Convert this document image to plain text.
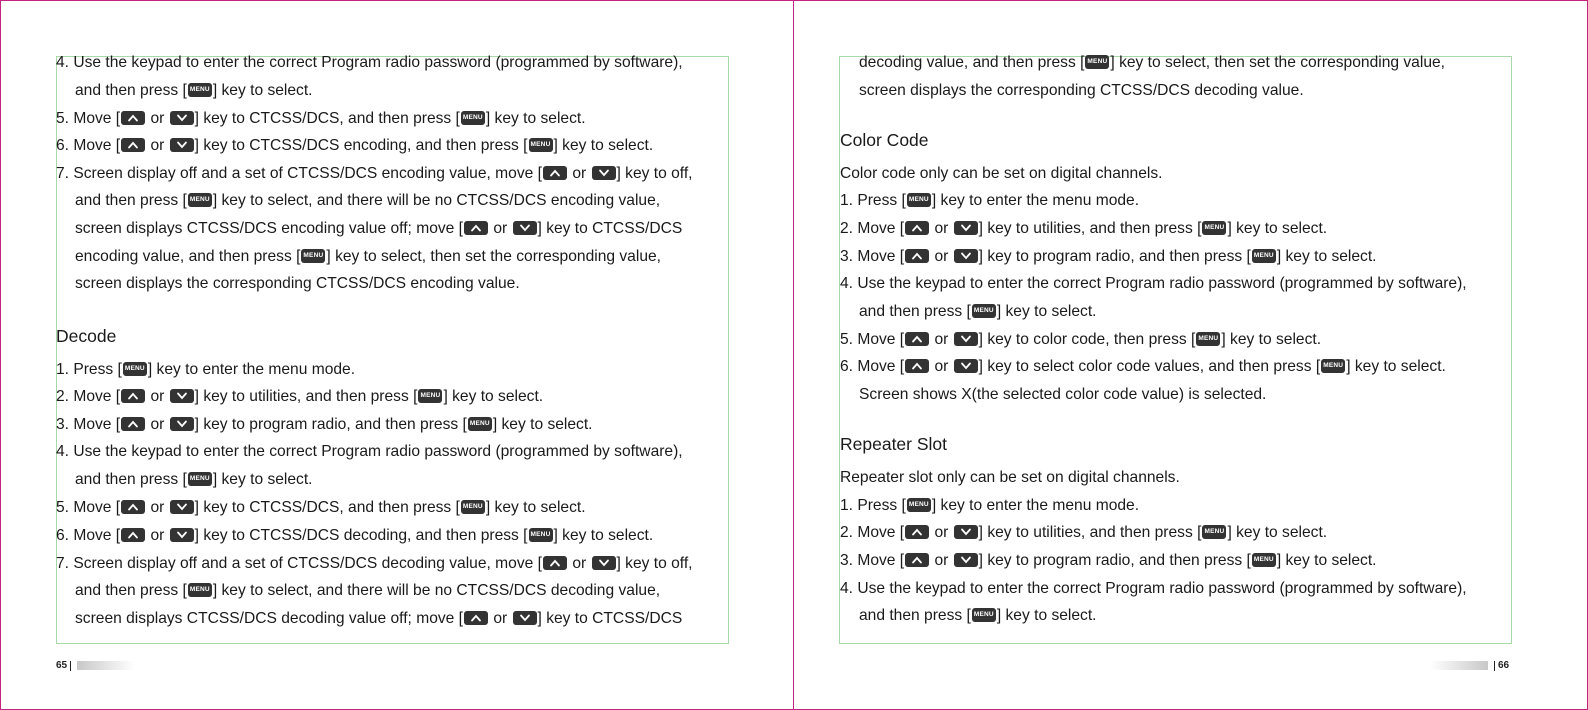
4. Use the keypad to enter the correct Program radio password (programmed by software),
and then press [ MENU ] key to select.
5. Move [
or
] key to CTCSS/DCS, and then press [ MENU ] key to select.
6. Move [
or
] key to CTCSS/DCS encoding, and then press [ MENU ] key to select.
7. Screen display off and a set of CTCSS/DCS encoding value, move [
or
] key to off,
and then press [ MENU ] key to select, and there will be no CTCSS/DCS encoding value,
screen displays CTCSS/DCS encoding value off; move [
or
] key to CTCSS/DCS
encoding value, and then press [ MENU ] key to select, then set the corresponding value,
screen displays the corresponding CTCSS/DCS encoding value.
Decode
1. Press [ MENU ] key to enter the menu mode.
2. Move [
or
] key to utilities, and then press [ MENU ] key to select.
3. Move [
or
] key to program radio, and then press [ MENU ] key to select.
4. Use the keypad to enter the correct Program radio password (programmed by software),
and then press [ MENU ] key to select.
5. Move [
or
] key to CTCSS/DCS, and then press [ MENU ] key to select.
6. Move [
or
] key to CTCSS/DCS decoding, and then press [ MENU ] key to select.
7. Screen display off and a set of CTCSS/DCS decoding value, move [
or
] key to off,
and then press [ MENU ] key to select, and there will be no CTCSS/DCS decoding value,
screen displays CTCSS/DCS decoding value off; move [
or
] key to CTCSS/DCS
decoding value, and then press [ MENU ] key to select, then set the corresponding value,
screen displays the corresponding CTCSS/DCS decoding value.
Color Code
Color code only can be set on digital channels.
1. Press [ MENU ] key to enter the menu mode.
2. Move [
or
] key to utilities, and then press [ MENU ] key to select.
3. Move [
or
] key to program radio, and then press [ MENU ] key to select.
4. Use the keypad to enter the correct Program radio password (programmed by software),
and then press [ MENU ] key to select.
5. Move [
or
] key to color code, then press [ MENU ] key to select.
6. Move [
or
] key to select color code values, and then press [ MENU ] key to select.
Screen shows X(the selected color code value) is selected.
Repeater Slot
Repeater slot only can be set on digital channels.
1. Press [ MENU ] key to enter the menu mode.
2. Move [
or
] key to utilities, and then press [ MENU ] key to select.
3. Move [
or
] key to program radio, and then press [ MENU ] key to select.
4. Use the keypad to enter the correct Program radio password (programmed by software),
and then press [ MENU ] key to select.
65	66
